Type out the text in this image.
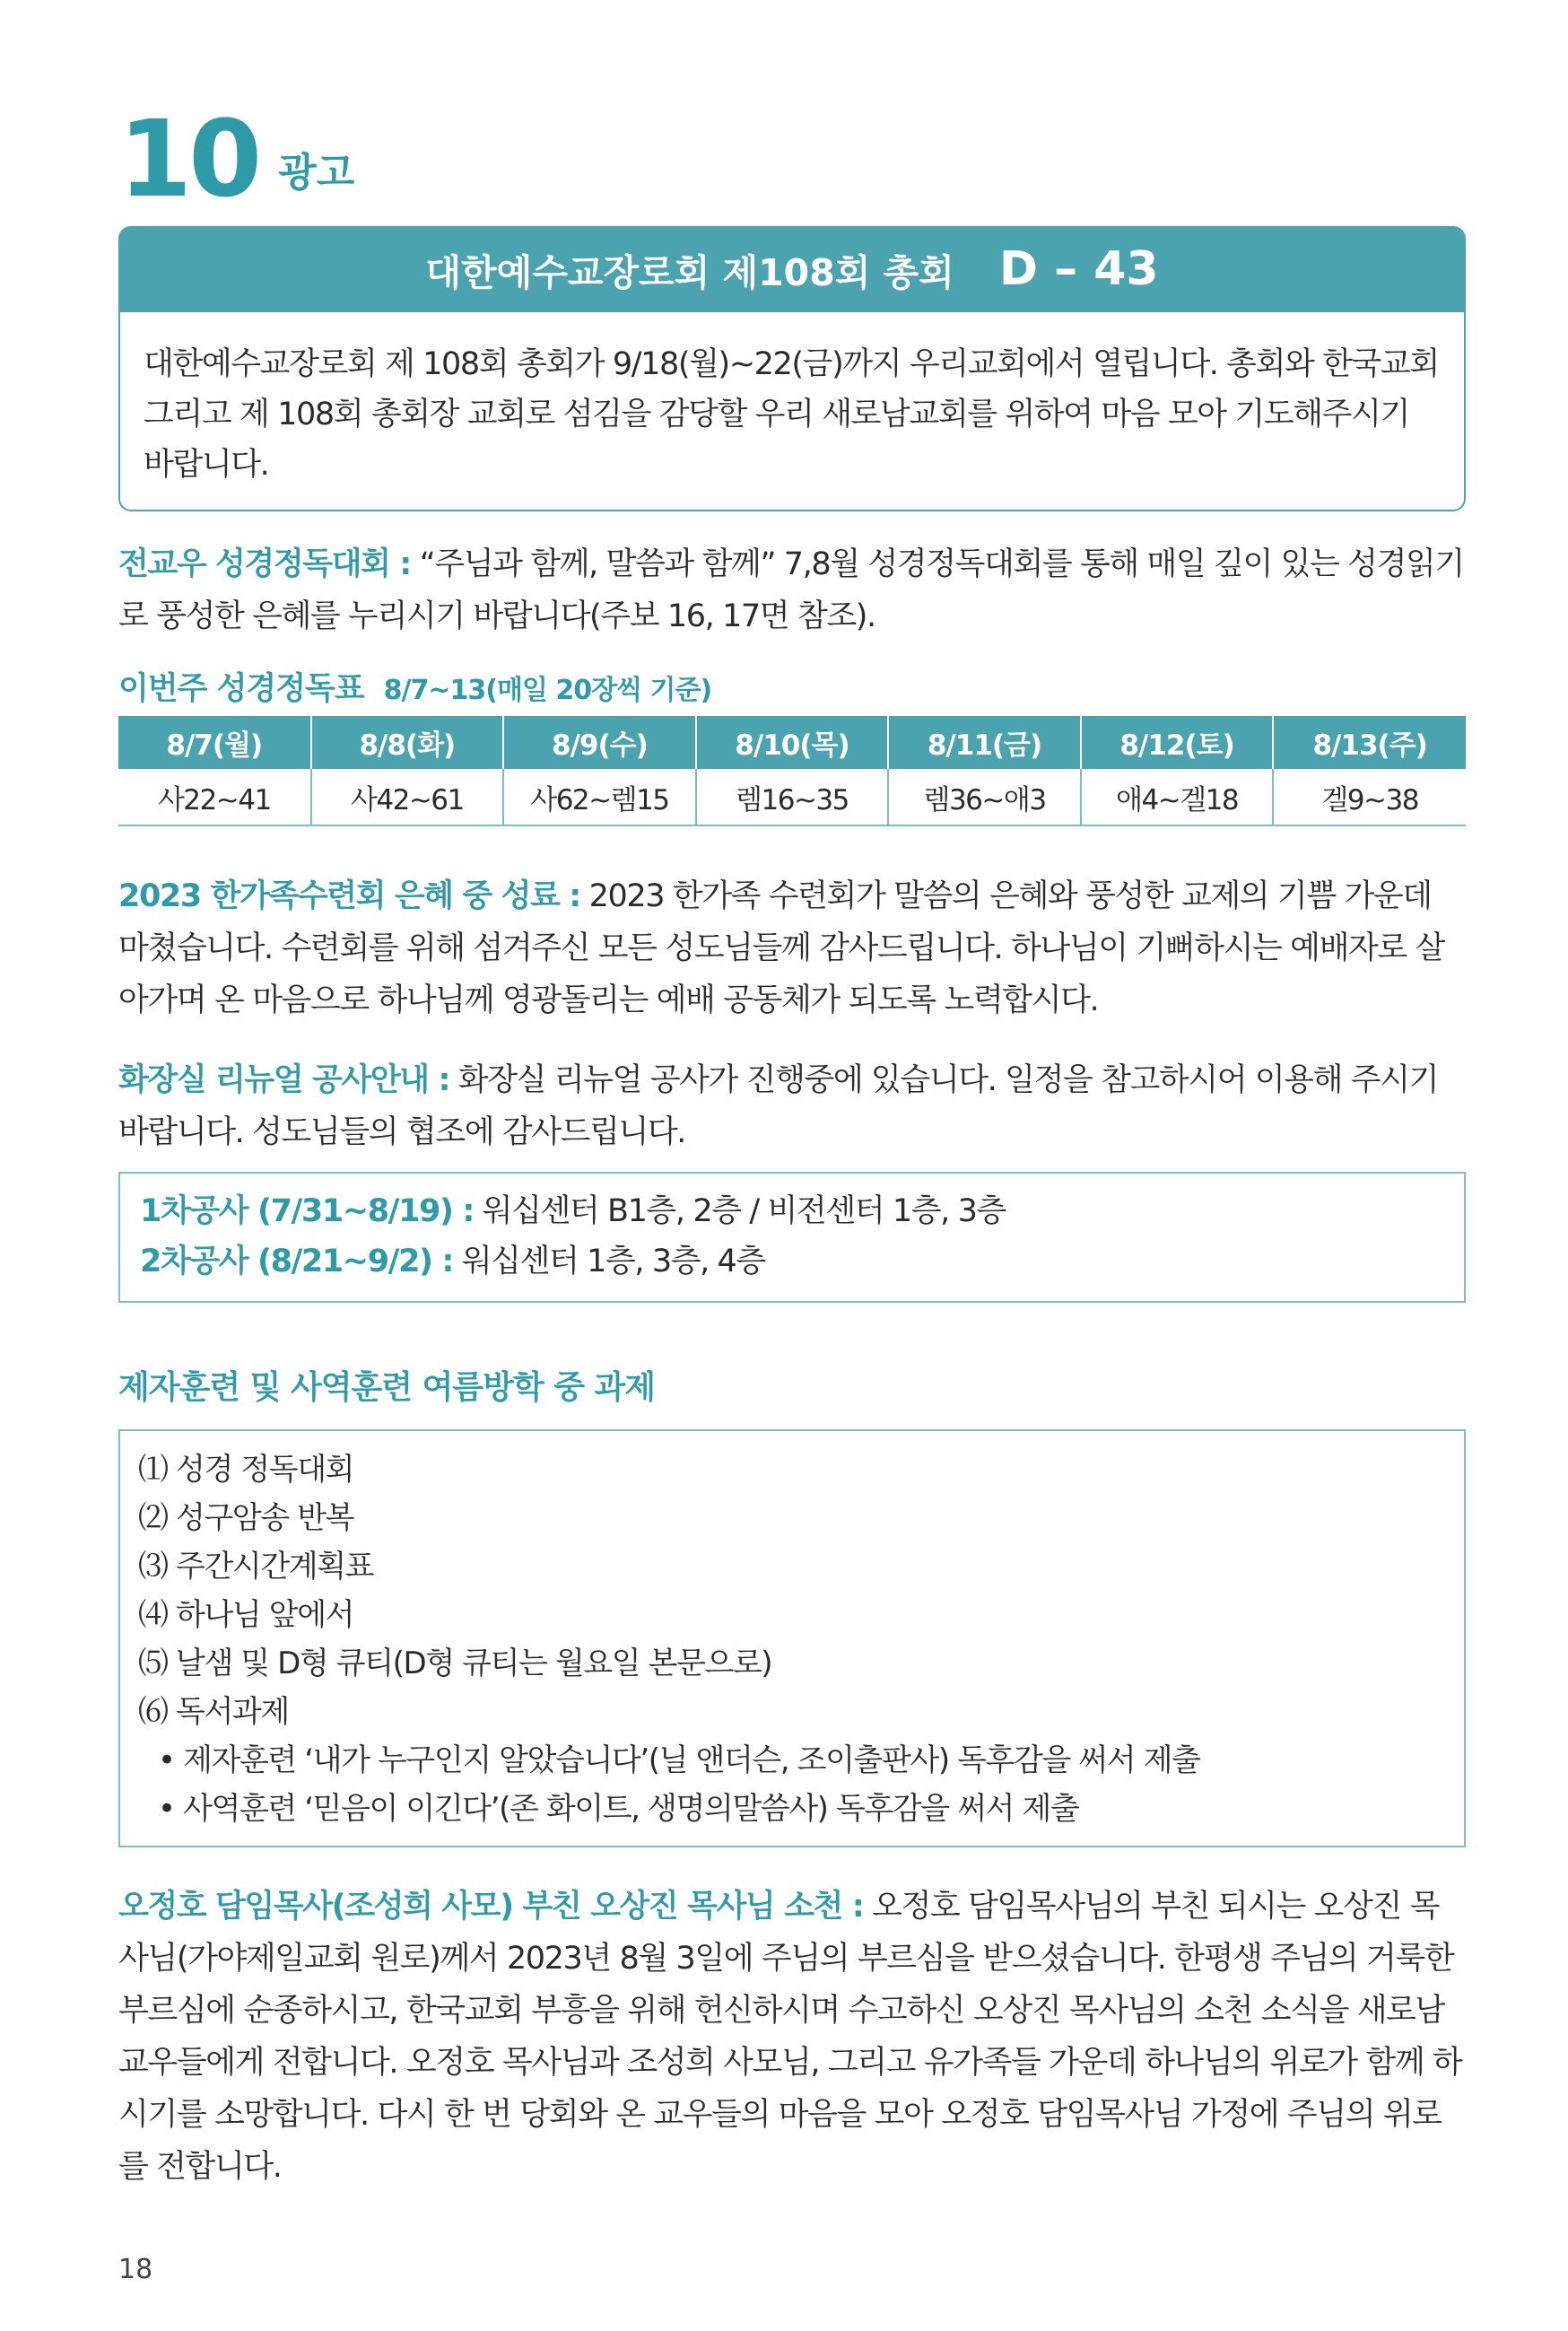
10 광고
대한예수교장로회 제108회 총회 D – 43

대한예수교장로회 제 108회 총회가 9/18(월)~22(금)까지 우리교회에서 열립니다. 총회와 한국교회 그리고 제 108회 총회장 교회로 섬김을 감당할 우리 새로남교회를 위하여 마음 모아 기도해주시기 바랍니다.

전교우 성경정독대회 : “주님과 함께, 말씀과 함께” 7,8월 성경정독대회를 통해 매일 깊이 있는 성경읽기로 풍성한 은혜를 누리시기 바랍니다(주보 16, 17면 참조).

이번주 성경정독표 8/7~13(매일 20장씩 기준)
8/7(월)	8/8(화)	8/9(수)	8/10(목)	8/11(금)	8/12(토)	8/13(주)
사22~41	사42~61	사62~렘15	렘16~35	렘36~애3	애4~겔18	겔9~38

2023 한가족수련회 은혜 중 성료 : 2023 한가족 수련회가 말씀의 은혜와 풍성한 교제의 기쁨 가운데 마쳤습니다. 수련회를 위해 섬겨주신 모든 성도님들께 감사드립니다. 하나님이 기뻐하시는 예배자로 살아가며 온 마음으로 하나님께 영광돌리는 예배 공동체가 되도록 노력합시다.

화장실 리뉴얼 공사안내 : 화장실 리뉴얼 공사가 진행중에 있습니다. 일정을 참고하시어 이용해 주시기 바랍니다. 성도님들의 협조에 감사드립니다.

1차공사 (7/31~8/19) : 워십센터 B1층, 2층 / 비전센터 1층, 3층
2차공사 (8/21~9/2) : 워십센터 1층, 3층, 4층
제자훈련 및 사역훈련 여름방학 중 과제
⑴ 성경 정독대회
⑵ 성구암송 반복
⑶ 주간시간계획표
⑷ 하나님 앞에서
⑸ 날샘 및 D형 큐티(D형 큐티는 월요일 본문으로)
⑹ 독서과제
• 제자훈련 ‘내가 누구인지 알았습니다’(닐 앤더슨, 조이출판사) 독후감을 써서 제출
• 사역훈련 ‘믿음이 이긴다’(존 화이트, 생명의말씀사) 독후감을 써서 제출

오정호 담임목사(조성희 사모) 부친 오상진 목사님 소천 : 오정호 담임목사님의 부친 되시는 오상진 목사님(가야제일교회 원로)께서 2023년 8월 3일에 주님의 부르심을 받으셨습니다. 한평생 주님의 거룩한 부르심에 순종하시고, 한국교회 부흥을 위해 헌신하시며 수고하신 오상진 목사님의 소천 소식을 새로남 교우들에게 전합니다. 오정호 목사님과 조성희 사모님, 그리고 유가족들 가운데 하나님의 위로가 함께 하시기를 소망합니다. 다시 한 번 당회와 온 교우들의 마음을 모아 오정호 담임목사님 가정에 주님의 위로를 전합니다.

18
